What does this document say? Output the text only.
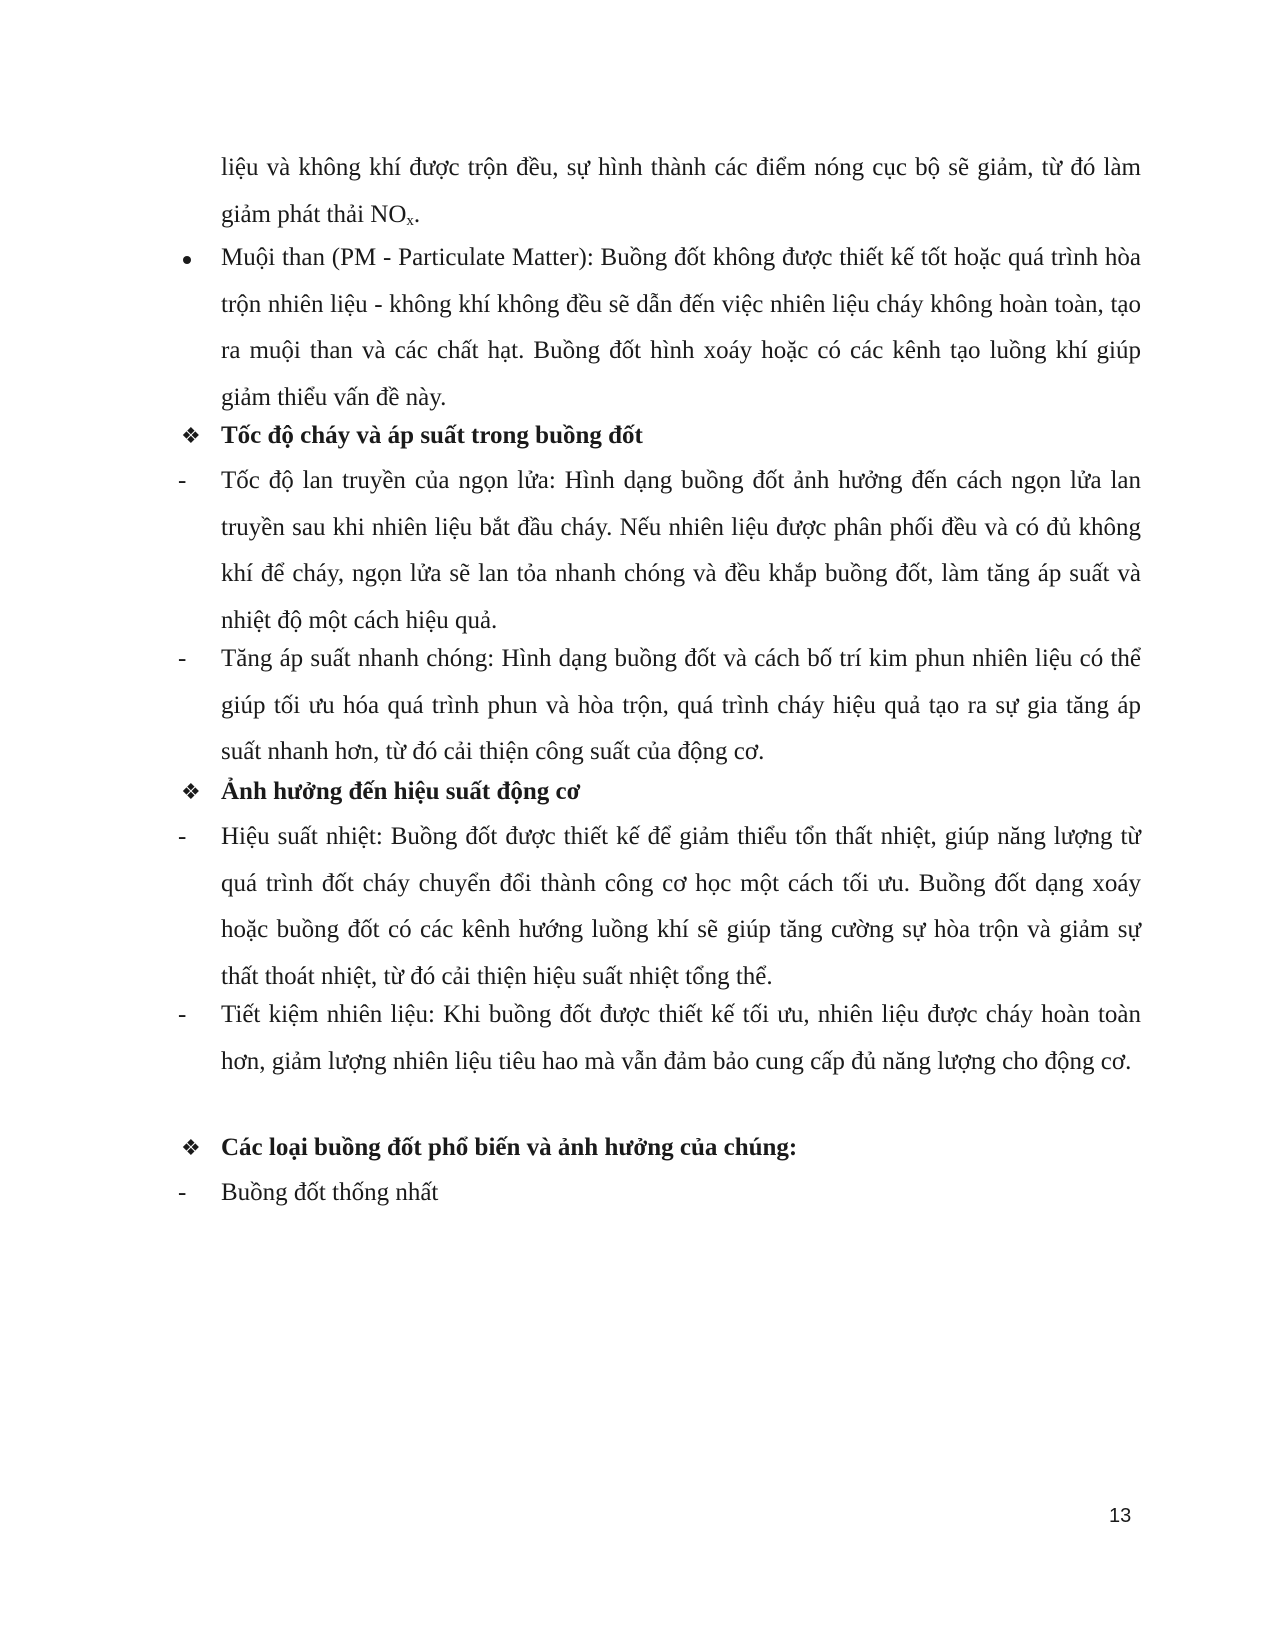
liệu và không khí được trộn đều, sự hình thành các điểm nóng cục bộ sẽ giảm, từ đó làm giảm phát thải $NO_x$.

Muội than (PM - Particulate Matter): Buồng đốt không được thiết kế tốt hoặc quá trình hòa trộn nhiên liệu - không khí không đều sẽ dẫn đến việc nhiên liệu cháy không hoàn toàn, tạo ra muội than và các chất hạt. Buồng đốt hình xoáy hoặc có các kênh tạo luồng khí giúp giảm thiểu vấn đề này.

❖ Tốc độ cháy và áp suất trong buồng đốt
- Tốc độ lan truyền của ngọn lửa: Hình dạng buồng đốt ảnh hưởng đến cách ngọn lửa lan truyền sau khi nhiên liệu bắt đầu cháy. Nếu nhiên liệu được phân phối đều và có đủ không khí để cháy, ngọn lửa sẽ lan tỏa nhanh chóng và đều khắp buồng đốt, làm tăng áp suất và nhiệt độ một cách hiệu quả.

- Tăng áp suất nhanh chóng: Hình dạng buồng đốt và cách bố trí kim phun nhiên liệu có thể giúp tối ưu hóa quá trình phun và hòa trộn, quá trình cháy hiệu quả tạo ra sự gia tăng áp suất nhanh hơn, từ đó cải thiện công suất của động cơ.

❖ Ảnh hưởng đến hiệu suất động cơ
- Hiệu suất nhiệt: Buồng đốt được thiết kế để giảm thiểu tổn thất nhiệt, giúp năng lượng từ quá trình đốt cháy chuyển đổi thành công cơ học một cách tối ưu. Buồng đốt dạng xoáy hoặc buồng đốt có các kênh hướng luồng khí sẽ giúp tăng cường sự hòa trộn và giảm sự thất thoát nhiệt, từ đó cải thiện hiệu suất nhiệt tổng thể.

- Tiết kiệm nhiên liệu: Khi buồng đốt được thiết kế tối ưu, nhiên liệu được cháy hoàn toàn hơn, giảm lượng nhiên liệu tiêu hao mà vẫn đảm bảo cung cấp đủ năng lượng cho động cơ.

❖ Các loại buồng đốt phổ biến và ảnh hưởng của chúng:
- Buồng đốt thống nhất

13
